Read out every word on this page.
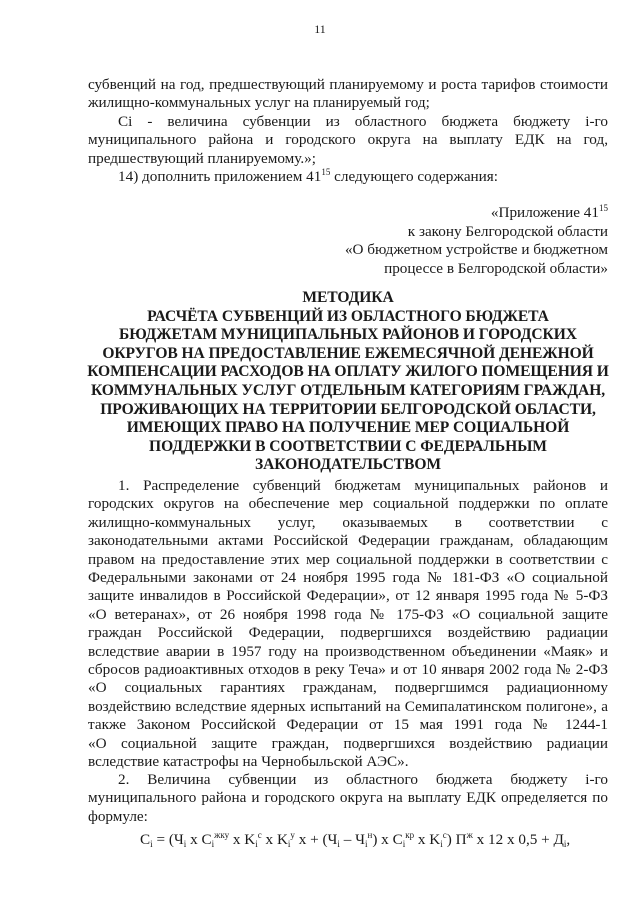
11
субвенций на год, предшествующий планируемому и роста тарифов стоимости
жилищно-коммунальных услуг на планируемый год;
Сi - величина субвенции из областного бюджета бюджету i-го
муниципального района и городского округа на выплату ЕДК на год,
предшествующий планируемому.»;
14) дополнить приложением $41^{15}$ следующего содержания:
«Приложение $41^{15}$
к закону Белгородской области
«О бюджетном устройстве и бюджетном
процессе в Белгородской области»
МЕТОДИКА
РАСЧЁТА СУБВЕНЦИЙ ИЗ ОБЛАСТНОГО БЮДЖЕТА
БЮДЖЕТАМ МУНИЦИПАЛЬНЫХ РАЙОНОВ И ГОРОДСКИХ
ОКРУГОВ НА ПРЕДОСТАВЛЕНИЕ ЕЖЕМЕСЯЧНОЙ ДЕНЕЖНОЙ
КОМПЕНСАЦИИ РАСХОДОВ НА ОПЛАТУ ЖИЛОГО ПОМЕЩЕНИЯ И
КОММУНАЛЬНЫХ УСЛУГ ОТДЕЛЬНЫМ КАТЕГОРИЯМ ГРАЖДАН,
ПРОЖИВАЮЩИХ НА ТЕРРИТОРИИ БЕЛГОРОДСКОЙ ОБЛАСТИ,
ИМЕЮЩИХ ПРАВО НА ПОЛУЧЕНИЕ МЕР СОЦИАЛЬНОЙ
ПОДДЕРЖКИ В СООТВЕТСТВИИ С ФЕДЕРАЛЬНЫМ
ЗАКОНОДАТЕЛЬСТВОМ
1. Распределение субвенций бюджетам муниципальных районов и
городских округов на обеспечение мер социальной поддержки по оплате
жилищно-коммунальных услуг, оказываемых в соответствии с
законодательными актами Российской Федерации гражданам, обладающим
правом на предоставление этих мер социальной поддержки в соответствии с
Федеральными законами от 24 ноября 1995 года № 181-ФЗ «О социальной
защите инвалидов в Российской Федерации», от 12 января 1995 года № 5-ФЗ
«О ветеранах», от 26 ноября 1998 года № 175-ФЗ «О социальной защите
граждан Российской Федерации, подвергшихся воздействию радиации
вследствие аварии в 1957 году на производственном объединении «Маяк» и
сбросов радиоактивных отходов в реку Теча» и от 10 января 2002 года № 2-ФЗ
«О социальных гарантиях гражданам, подвергшимся радиационному
воздействию вследствие ядерных испытаний на Семипалатинском полигоне», а
также Законом Российской Федерации от 15 мая 1991 года № 1244-1
«О социальной защите граждан, подвергшихся воздействию радиации
вследствие катастрофы на Чернобыльской АЭС».
2. Величина субвенции из областного бюджета бюджету i-го
муниципального района и городского округа на выплату ЕДК определяется по
формуле:
$С_i = (Ч_i$ x $C_i^{жку}$ x $K_i^с$ x $K_i^у$ $x + (Ч_i - Ч_i^н)$ x $C_i^{кр}$ x $K_i^с$) $П^ж$ x 12 x $0,5 + Д_i$,
